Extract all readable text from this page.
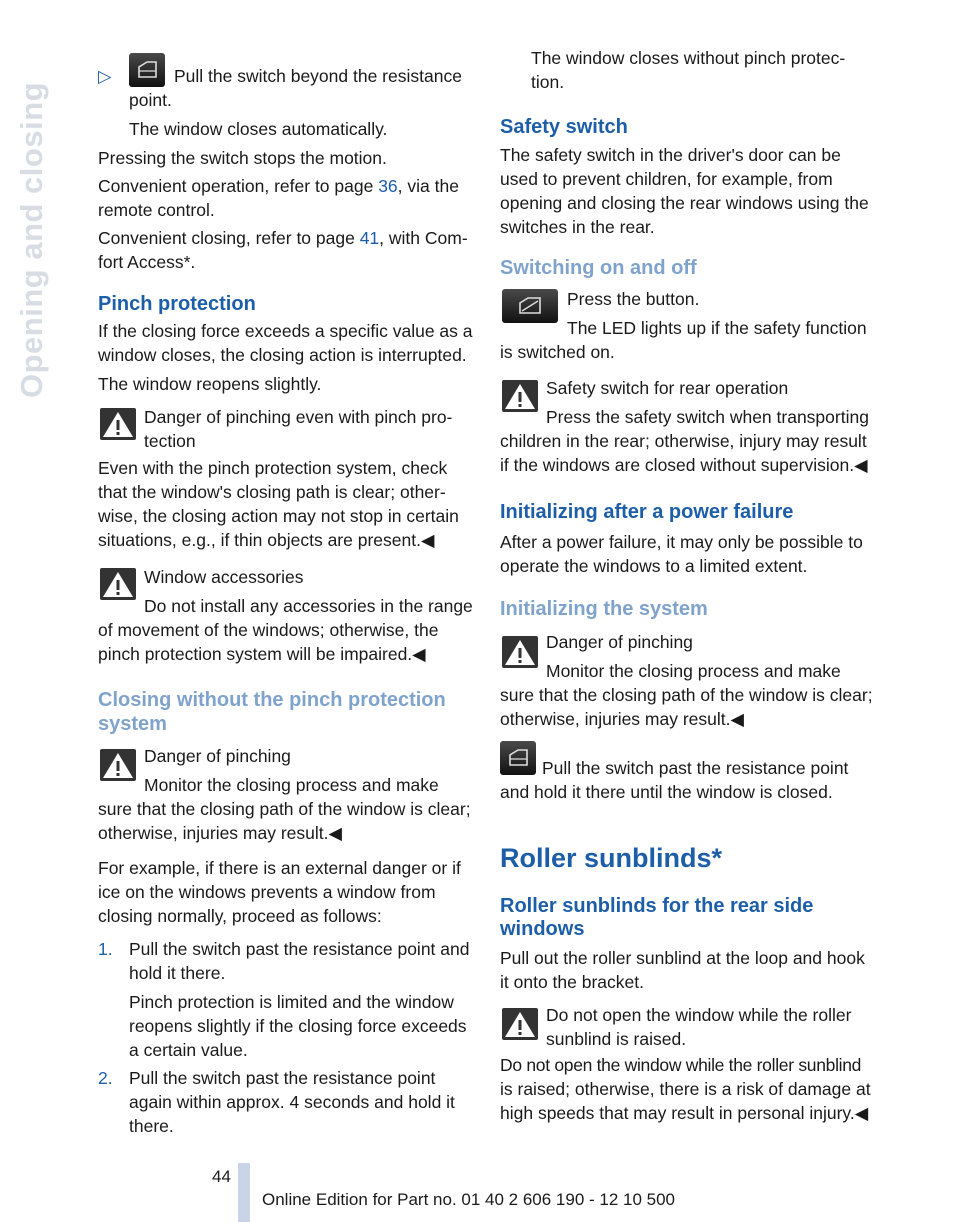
Opening and closing
▷	Pull the switch beyond the resistance

point.

The window closes automatically.

Pressing the switch stops the motion.

Convenient operation, refer to page 36, via the

remote control.

Convenient closing, refer to page 41, with Com-

fort Access*.

Pinch protection

If the closing force exceeds a specific value as a

window closes, the closing action is interrupted.

The window reopens slightly.

Danger of pinching even with pinch pro-

tection

Even with the pinch protection system, check

that the window's closing path is clear; other-

wise, the closing action may not stop in certain

situations, e.g., if thin objects are present.◀

Window accessories

Do not install any accessories in the range

of movement of the windows; otherwise, the

pinch protection system will be impaired.◀

Closing without the pinch protection

system

Danger of pinching

Monitor the closing process and make

sure that the closing path of the window is clear;

otherwise, injuries may result.◀

For example, if there is an external danger or if

ice on the windows prevents a window from

closing normally, proceed as follows:

1. Pull the switch past the resistance point and

hold it there.

Pinch protection is limited and the window

reopens slightly if the closing force exceeds

a certain value.

2. Pull the switch past the resistance point

again within approx. 4 seconds and hold it

there.

The window closes without pinch protec-

tion.

Safety switch

The safety switch in the driver's door can be

used to prevent children, for example, from

opening and closing the rear windows using the

switches in the rear.

Switching on and off

Press the button.

The LED lights up if the safety function

is switched on.

Safety switch for rear operation

Press the safety switch when transporting

children in the rear; otherwise, injury may result

if the windows are closed without supervision.◀

Initializing after a power failure

After a power failure, it may only be possible to

operate the windows to a limited extent.

Initializing the system

Danger of pinching

Monitor the closing process and make

sure that the closing path of the window is clear;

otherwise, injuries may result.◀

Pull the switch past the resistance point

and hold it there until the window is closed.

Roller sunblinds*

Roller sunblinds for the rear side

windows

Pull out the roller sunblind at the loop and hook

it onto the bracket.

Do not open the window while the roller

sunblind is raised.

Do not open the window while the roller sunblind

is raised; otherwise, there is a risk of damage at

high speeds that may result in personal injury.◀

44
Online Edition for Part no. 01 40 2 606 190 - 12 10 500
